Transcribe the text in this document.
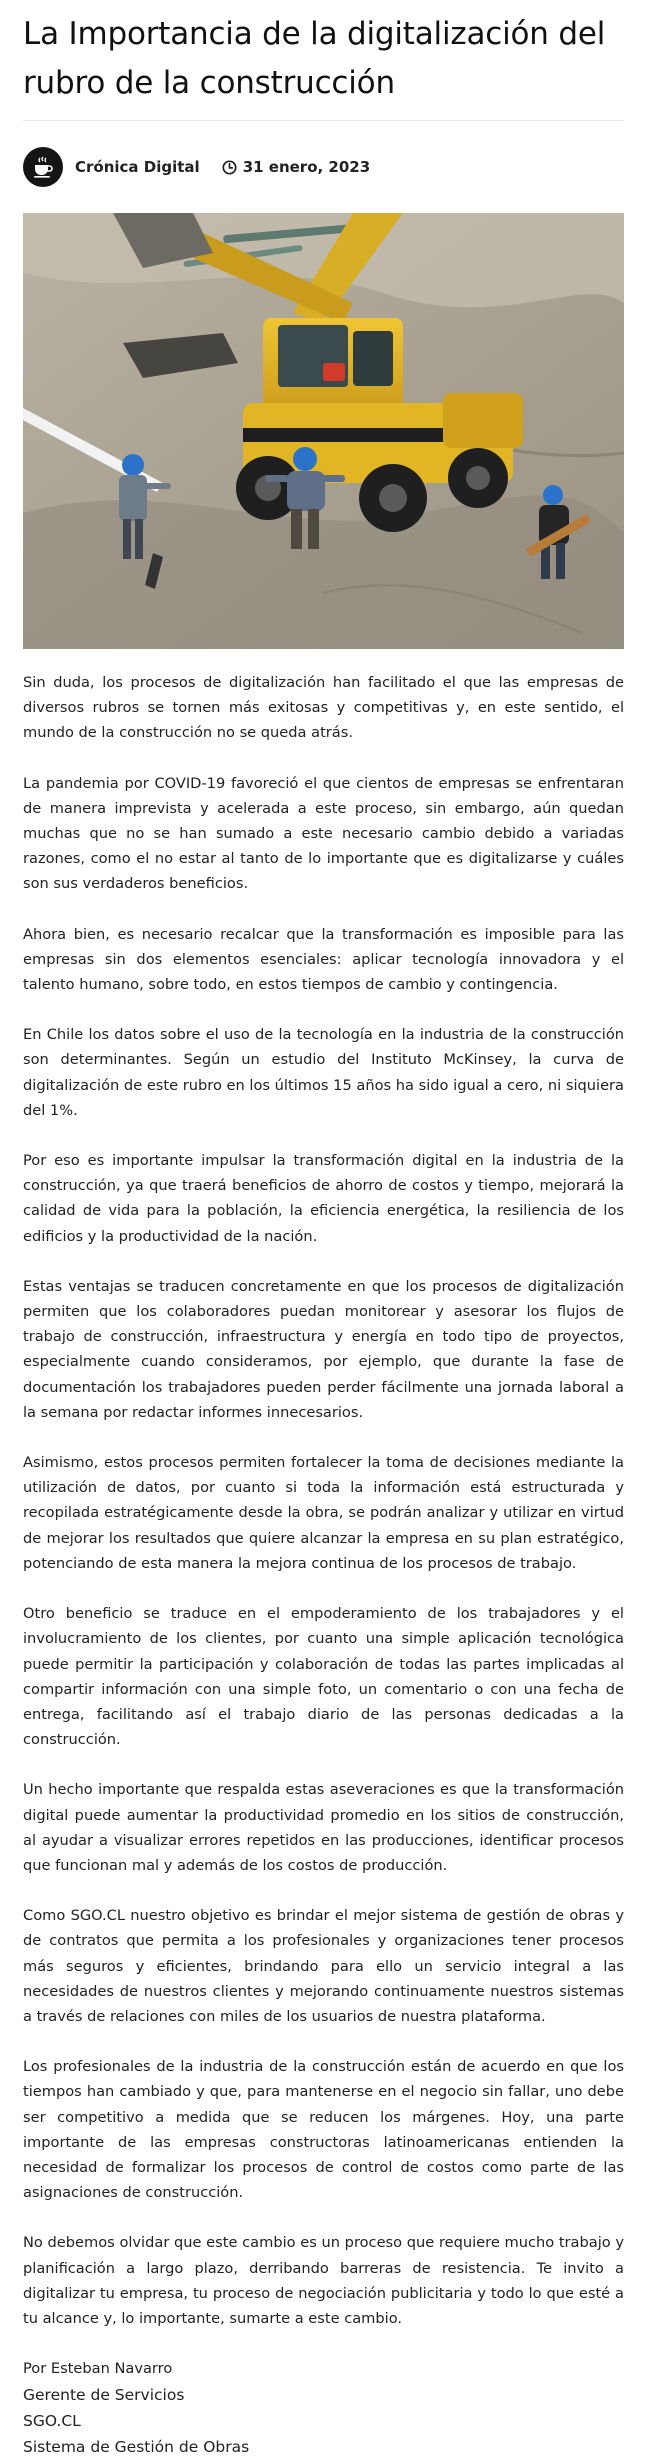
La Importancia de la digitalización del rubro de la construcción
Crónica Digital	31 enero, 2023

Sin duda, los procesos de digitalización han facilitado el que las empresas de diversos rubros se tornen más exitosas y competitivas y, en este sentido, el mundo de la construcción no se queda atrás.

La pandemia por COVID-19 favoreció el que cientos de empresas se enfrentaran de manera imprevista y acelerada a este proceso, sin embargo, aún quedan muchas que no se han sumado a este necesario cambio debido a variadas razones, como el no estar al tanto de lo importante que es digitalizarse y cuáles son sus verdaderos beneficios.

Ahora bien, es necesario recalcar que la transformación es imposible para las empresas sin dos elementos esenciales: aplicar tecnología innovadora y el talento humano, sobre todo, en estos tiempos de cambio y contingencia.

En Chile los datos sobre el uso de la tecnología en la industria de la construcción son determinantes. Según un estudio del Instituto McKinsey, la curva de digitalización de este rubro en los últimos 15 años ha sido igual a cero, ni siquiera del 1%.

Por eso es importante impulsar la transformación digital en la industria de la construcción, ya que traerá beneficios de ahorro de costos y tiempo, mejorará la calidad de vida para la población, la eficiencia energética, la resiliencia de los edificios y la productividad de la nación.

Estas ventajas se traducen concretamente en que los procesos de digitalización permiten que los colaboradores puedan monitorear y asesorar los flujos de trabajo de construcción, infraestructura y energía en todo tipo de proyectos, especialmente cuando consideramos, por ejemplo, que durante la fase de documentación los trabajadores pueden perder fácilmente una jornada laboral a la semana por redactar informes innecesarios.

Asimismo, estos procesos permiten fortalecer la toma de decisiones mediante la utilización de datos, por cuanto si toda la información está estructurada y recopilada estratégicamente desde la obra, se podrán analizar y utilizar en virtud de mejorar los resultados que quiere alcanzar la empresa en su plan estratégico, potenciando de esta manera la mejora continua de los procesos de trabajo.

Otro beneficio se traduce en el empoderamiento de los trabajadores y el involucramiento de los clientes, por cuanto una simple aplicación tecnológica puede permitir la participación y colaboración de todas las partes implicadas al compartir información con una simple foto, un comentario o con una fecha de entrega, facilitando así el trabajo diario de las personas dedicadas a la construcción.

Un hecho importante que respalda estas aseveraciones es que la transformación digital puede aumentar la productividad promedio en los sitios de construcción, al ayudar a visualizar errores repetidos en las producciones, identificar procesos que funcionan mal y además de los costos de producción.

Como SGO.CL nuestro objetivo es brindar el mejor sistema de gestión de obras y de contratos que permita a los profesionales y organizaciones tener procesos más seguros y eficientes, brindando para ello un servicio integral a las necesidades de nuestros clientes y mejorando continuamente nuestros sistemas a través de relaciones con miles de los usuarios de nuestra plataforma.

Los profesionales de la industria de la construcción están de acuerdo en que los tiempos han cambiado y que, para mantenerse en el negocio sin fallar, uno debe ser competitivo a medida que se reducen los márgenes. Hoy, una parte importante de las empresas constructoras latinoamericanas entienden la necesidad de formalizar los procesos de control de costos como parte de las asignaciones de construcción.

No debemos olvidar que este cambio es un proceso que requiere mucho trabajo y planificación a largo plazo, derribando barreras de resistencia. Te invito a digitalizar tu empresa, tu proceso de negociación publicitaria y todo lo que esté a tu alcance y, lo importante, sumarte a este cambio.

Por Esteban Navarro
Gerente de Servicios
SGO.CL
Sistema de Gestión de Obras
